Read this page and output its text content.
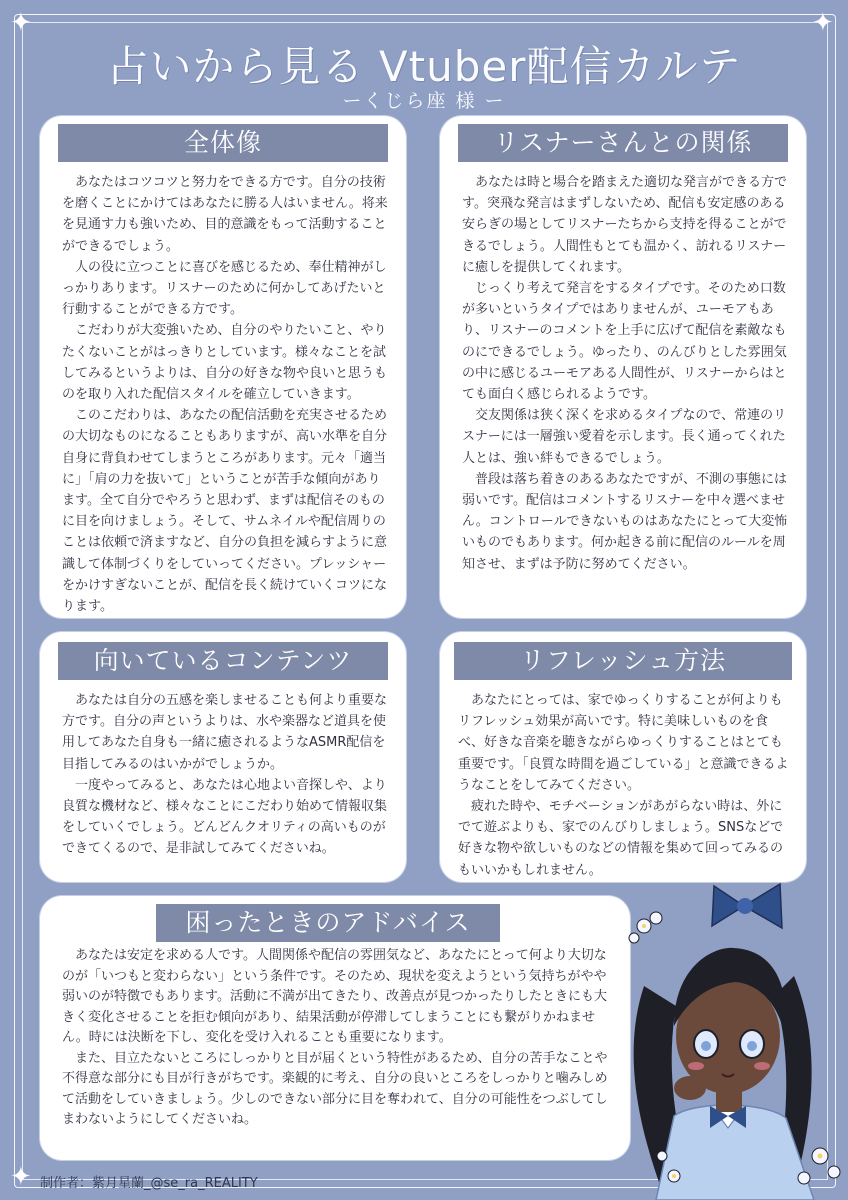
✦	✦
✦
占いから見る Vtuber配信カルテ
ーくじら座 様 ー
全体像

あなたはコツコツと努力をできる方です。自分の技術を磨くことにかけてはあなたに勝る人はいません。将来を見通す力も強いため、目的意識をもって活動することができるでしょう。

人の役に立つことに喜びを感じるため、奉仕精神がしっかりあります。リスナーのために何かしてあげたいと行動することができる方です。

こだわりが大変強いため、自分のやりたいこと、やりたくないことがはっきりとしています。様々なことを試してみるというよりは、自分の好きな物や良いと思うものを取り入れた配信スタイルを確立していきます。

このこだわりは、あなたの配信活動を充実させるための大切なものになることもありますが、高い水準を自分自身に背負わせてしまうところがあります。元々「適当に」「肩の力を抜いて」ということが苦手な傾向があります。全て自分でやろうと思わず、まずは配信そのものに目を向けましょう。そして、サムネイルや配信周りのことは依頼で済ますなど、自分の負担を減らすように意識して体制づくりをしていってください。プレッシャーをかけすぎないことが、配信を長く続けていくコツになります。

リスナーさんとの関係

あなたは時と場合を踏まえた適切な発言ができる方です。突飛な発言はまずしないため、配信も安定感のある安らぎの場としてリスナーたちから支持を得ることができるでしょう。人間性もとても温かく、訪れるリスナーに癒しを提供してくれます。

じっくり考えて発言をするタイプです。そのため口数が多いというタイプではありませんが、ユーモアもあり、リスナーのコメントを上手に広げて配信を素敵なものにできるでしょう。ゆったり、のんびりとした雰囲気の中に感じるユーモアある人間性が、リスナーからはとても面白く感じられるようです。

交友関係は狭く深くを求めるタイプなので、常連のリスナーには一層強い愛着を示します。長く通ってくれた人とは、強い絆もできるでしょう。

普段は落ち着きのあるあなたですが、不測の事態には弱いです。配信はコメントするリスナーを中々選べません。コントロールできないものはあなたにとって大変怖いものでもあります。何か起きる前に配信のルールを周知させ、まずは予防に努めてください。

向いているコンテンツ

あなたは自分の五感を楽しませることも何より重要な方です。自分の声というよりは、水や楽器など道具を使用してあなた自身も一緒に癒されるようなASMR配信を目指してみるのはいかがでしょうか。

一度やってみると、あなたは心地よい音探しや、より良質な機材など、様々なことにこだわり始めて情報収集をしていくでしょう。どんどんクオリティの高いものができてくるので、是非試してみてくださいね。

リフレッシュ方法

あなたにとっては、家でゆっくりすることが何よりもリフレッシュ効果が高いです。特に美味しいものを食べ、好きな音楽を聴きながらゆっくりすることはとても重要です。「良質な時間を過ごしている」と意識できるようなことをしてみてください。

疲れた時や、モチベーションがあがらない時は、外にでて遊ぶよりも、家でのんびりしましょう。SNSなどで好きな物や欲しいものなどの情報を集めて回ってみるのもいいかもしれません。

困ったときのアドバイス

あなたは安定を求める人です。人間関係や配信の雰囲気など、あなたにとって何より大切なのが「いつもと変わらない」という条件です。そのため、現状を変えようという気持ちがやや弱いのが特徴でもあります。活動に不満が出てきたり、改善点が見つかったりしたときにも大きく変化させることを拒む傾向があり、結果活動が停滞してしまうことにも繋がりかねません。時には決断を下し、変化を受け入れることも重要になります。

また、目立たないところにしっかりと目が届くという特性があるため、自分の苦手なことや不得意な部分にも目が行きがちです。楽観的に考え、自分の良いところをしっかりと噛みしめて活動をしていきましょう。少しのできない部分に目を奪われて、自分の可能性をつぶしてしまわないようにしてくださいね。

制作者：紫月星蘭_@se_ra_REALITY
